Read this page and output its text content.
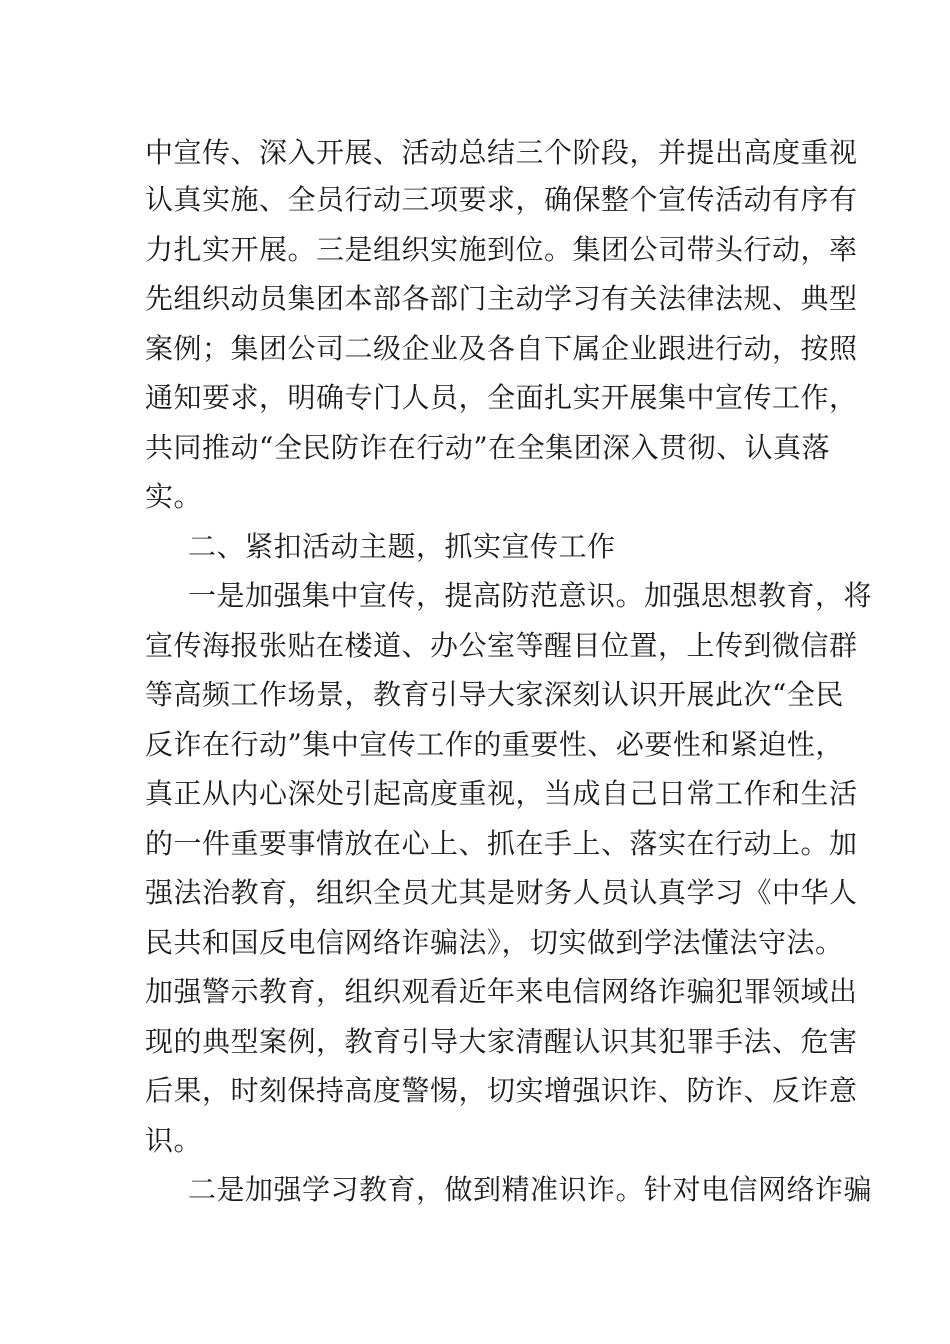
中宣传、深入开展、活动总结三个阶段，并提出高度重视
认真实施、全员行动三项要求，确保整个宣传活动有序有
力扎实开展。三是组织实施到位。集团公司带头行动，率
先组织动员集团本部各部门主动学习有关法律法规、典型
案例；集团公司二级企业及各自下属企业跟进行动，按照
通知要求，明确专门人员，全面扎实开展集中宣传工作，
共同推动“全民防诈在行动”在全集团深入贯彻、认真落
实。
二、紧扣活动主题，抓实宣传工作
一是加强集中宣传，提高防范意识。加强思想教育，将
宣传海报张贴在楼道、办公室等醒目位置，上传到微信群
等高频工作场景，教育引导大家深刻认识开展此次“全民
反诈在行动”集中宣传工作的重要性、必要性和紧迫性，
真正从内心深处引起高度重视，当成自己日常工作和生活
的一件重要事情放在心上、抓在手上、落实在行动上。加
强法治教育，组织全员尤其是财务人员认真学习《中华人
民共和国反电信网络诈骗法》，切实做到学法懂法守法。
加强警示教育，组织观看近年来电信网络诈骗犯罪领域出
现的典型案例，教育引导大家清醒认识其犯罪手法、危害
后果，时刻保持高度警惕，切实增强识诈、防诈、反诈意
识。
二是加强学习教育，做到精准识诈。针对电信网络诈骗
